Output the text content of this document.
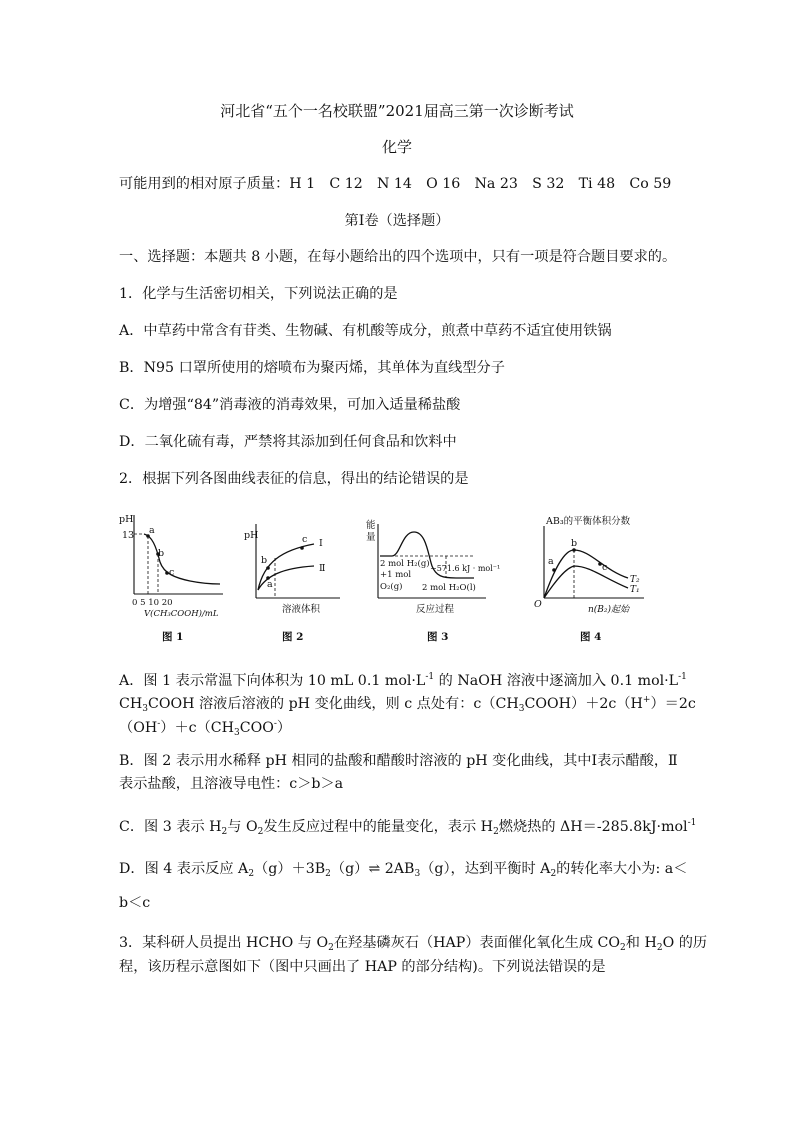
河北省“五个一名校联盟”2021届高三第一次诊断考试
化学
可能用到的相对原子质量：H 1　C 12　N 14　O 16　Na 23　S 32　Ti 48　Co 59
第Ⅰ卷（选择题）
一、选择题：本题共 8 小题，在每小题给出的四个选项中，只有一项是符合题目要求的。
1．化学与生活密切相关，下列说法正确的是
A．中草药中常含有苷类、生物碱、有机酸等成分，煎煮中草药不适宜使用铁锅
B．N95 口罩所使用的熔喷布为聚丙烯，其单体为直线型分子
C．为增强“84”消毒液的消毒效果，可加入适量稀盐酸
D．二氧化硫有毒，严禁将其添加到任何食品和饮料中
2．根据下列各图曲线表征的信息，得出的结论错误的是
pH
13 a
b
c
0 5 10 20
V(CH₃COOH)/mL
图 1
pH
b
a
c Ⅰ
Ⅱ
溶液体积
图 2
能
量
2 mol H₂(g)
+1 mol
O₂(g)
−571.6 kJ · mol⁻¹
2 mol H₂O(l)
反应过程
图 3
AB₃的平衡体积分数
a
b
c
T₂
T₁
O	n(B₂)起始
图 4
A．图 1 表示常温下向体积为 10 mL 0.1 $mol\cdot L^{-1}$ 的 NaOH 溶液中逐滴加入 0.1 $mol\cdot L^{-1}$
$CH_3COOH$ 溶液后溶液的 pH 变化曲线，则 c 点处有：$c(CH_3COOH)+2c(H^+)=2c$
$(OH^-)+c(CH_3COO^-)$
B．图 2 表示用水稀释 pH 相同的盐酸和醋酸时溶液的 pH 变化曲线，其中Ⅰ表示醋酸，Ⅱ
表示盐酸，且溶液导电性：c＞b＞a
C．图 3 表示 $H_2$与 $O_2$发生反应过程中的能量变化，表示 $H_2$燃烧热的 ΔH＝-285.8kJ·mol$^{-1}$
D．图 4 表示反应 $A_2(g)+3B_2(g)\rightleftharpoons$ $2AB_3(g)$，达到平衡时 $A_2$的转化率大小为: a＜
b＜c
3．某科研人员提出 HCHO 与 $O_2$在羟基磷灰石（HAP）表面催化氧化生成 $CO_2$和 $H_2O$ 的历
程，该历程示意图如下（图中只画出了 HAP 的部分结构)。下列说法错误的是
